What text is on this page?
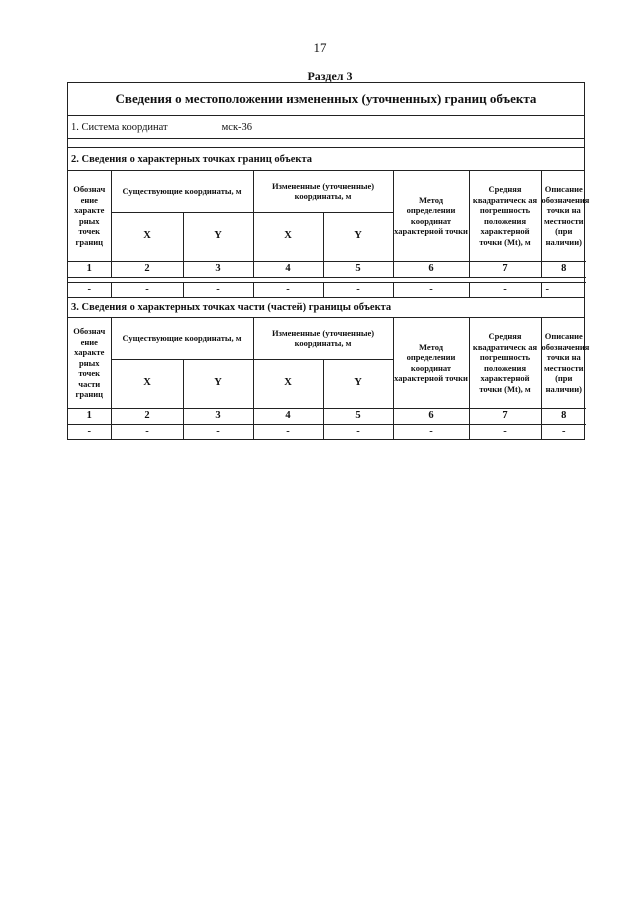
17
Раздел 3
Сведения о местоположении измененных (уточненных) границ объекта
1. Система координат	мск-36
2. Сведения о характерных точках границ объекта
Обознач ение характе рных точек границ	Существующие координаты, м		Измененные (уточненные) координаты, м		Метод определении координат характерной точки	Средняя квадратическ ая погрешность положения характерной точки (Mt), м	Описание обозначения точки на местности (при наличии)
	X	Y	X	Y			
1	2	3	4	5	6	7	8

-	-	-	-	-	-	-	-
3. Сведения о характерных точках части (частей) границы объекта
Обознач ение характе рных точек части границ	Существующие координаты, м		Измененные (уточненные) координаты, м		Метод определении координат характерной точки	Средняя квадратическ ая погрешность положения характерной точки (Mt), м	Описание обозначения точки на местности (при наличии)
	X	Y	X	Y			
1	2	3	4	5	6	7	8
-	-	-	-	-	-	-	-
